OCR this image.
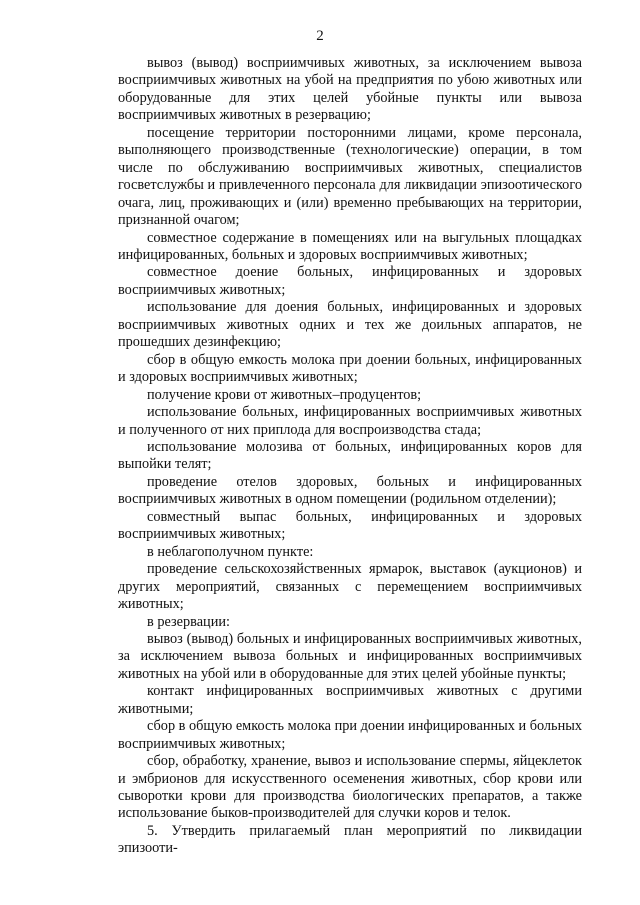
2

вывоз (вывод) восприимчивых животных, за исключением вывоза восприимчивых животных на убой на предприятия по убою животных или оборудованные для этих целей убойные пункты или вывоза восприимчивых животных в резервацию;

посещение территории посторонними лицами, кроме персонала, выполняющего производственные (технологические) операции, в том числе по обслуживанию восприимчивых животных, специалистов госветслужбы и привлеченного персонала для ликвидации эпизоотического очага, лиц, проживающих и (или) временно пребывающих на территории, признанной очагом;

совместное содержание в помещениях или на выгульных площадках инфицированных, больных и здоровых восприимчивых животных;

совместное доение больных, инфицированных и здоровых восприимчивых животных;

использование для доения больных, инфицированных и здоровых восприимчивых животных одних и тех же доильных аппаратов, не прошедших дезинфекцию;

сбор в общую емкость молока при доении больных, инфицированных и здоровых восприимчивых животных;

получение крови от животных–продуцентов;

использование больных, инфицированных восприимчивых животных и полученного от них приплода для воспроизводства стада;

использование молозива от больных, инфицированных коров для выпойки телят;

проведение отелов здоровых, больных и инфицированных восприимчивых животных в одном помещении (родильном отделении);

совместный выпас больных, инфицированных и здоровых восприимчивых животных;

в неблагополучном пункте:

проведение сельскохозяйственных ярмарок, выставок (аукционов) и других мероприятий, связанных с перемещением восприимчивых животных;

в резервации:

вывоз (вывод) больных и инфицированных восприимчивых животных, за исключением вывоза больных и инфицированных восприимчивых животных на убой или в оборудованные для этих целей убойные пункты;

контакт инфицированных восприимчивых животных с другими животными;

сбор в общую емкость молока при доении инфицированных и больных восприимчивых животных;

сбор, обработку, хранение, вывоз и использование спермы, яйцеклеток и эмбрионов для искусственного осеменения животных, сбор крови или сыворотки крови для производства биологических препаратов, а также использование быков-производителей для случки коров и телок.

5. Утвердить прилагаемый план мероприятий по ликвидации эпизооти-
